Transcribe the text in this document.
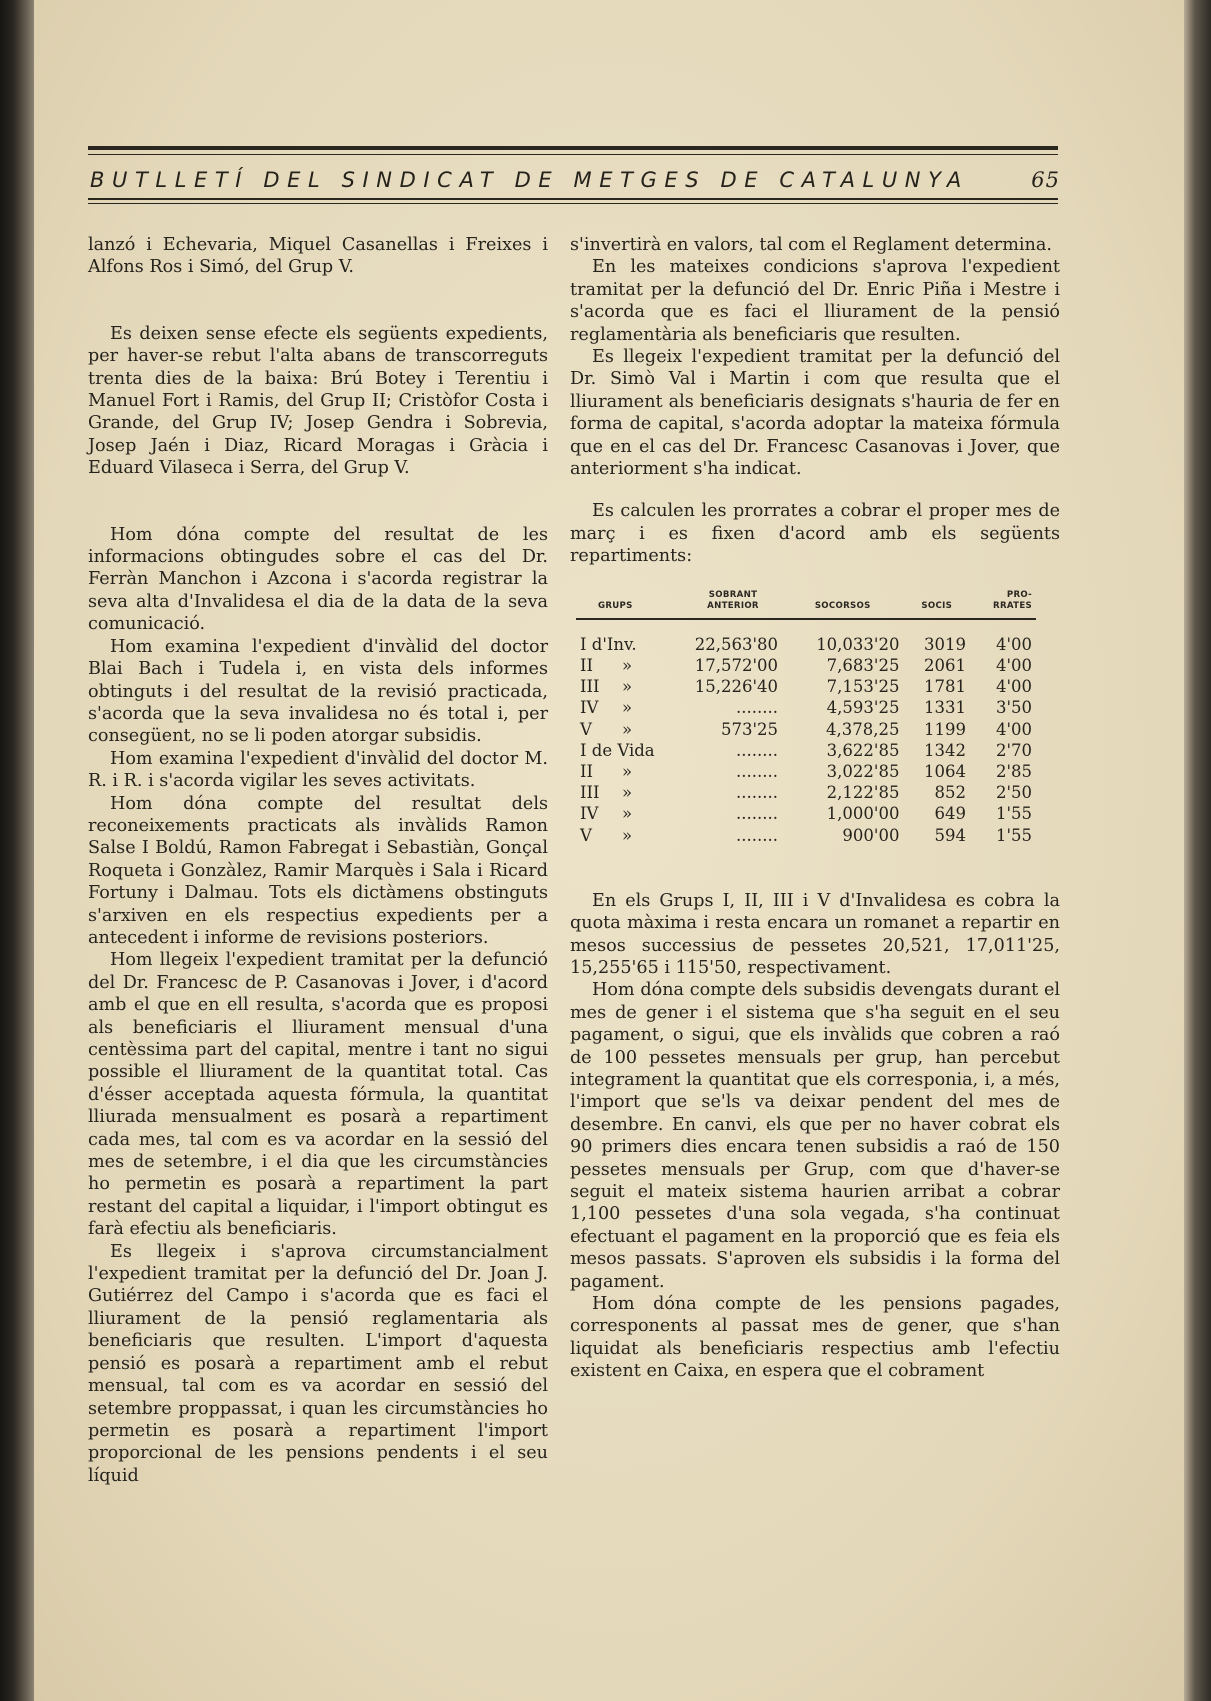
BUTLLETÍ DEL SINDICAT DE METGES DE CATALUNYA	65

lanzó i Echevaria, Miquel Casanellas i Freixes i Alfons Ros i Simó, del Grup V.

Es deixen sense efecte els següents expedients, per haver-se rebut l'alta abans de transcorreguts trenta dies de la baixa: Brú Botey i Terentiu i Manuel Fort i Ramis, del Grup II; Cristòfor Costa i Grande, del Grup IV; Josep Gendra i Sobrevia, Josep Jaén i Diaz, Ricard Moragas i Gràcia i Eduard Vilaseca i Serra, del Grup V.

Hom dóna compte del resultat de les informacions obtingudes sobre el cas del Dr. Ferràn Manchon i Azcona i s'acorda registrar la seva alta d'Invalidesa el dia de la data de la seva comunicació.

Hom examina l'expedient d'invàlid del doctor Blai Bach i Tudela i, en vista dels informes obtinguts i del resultat de la revisió practicada, s'acorda que la seva invalidesa no és total i, per consegüent, no se li poden atorgar subsidis.

Hom examina l'expedient d'invàlid del doctor M. R. i R. i s'acorda vigilar les seves activitats.

Hom dóna compte del resultat dels reconeixements practicats als invàlids Ramon Salse I Boldú, Ramon Fabregat i Sebastiàn, Gonçal Roqueta i Gonzàlez, Ramir Marquès i Sala i Ricard Fortuny i Dalmau. Tots els dictàmens obstinguts s'arxiven en els respectius expedients per a antecedent i informe de revisions posteriors.

Hom llegeix l'expedient tramitat per la defunció del Dr. Francesc de P. Casanovas i Jover, i d'acord amb el que en ell resulta, s'acorda que es proposi als beneficiaris el lliurament mensual d'una centèssima part del capital, mentre i tant no sigui possible el lliurament de la quantitat total. Cas d'ésser acceptada aquesta fórmula, la quantitat lliurada mensualment es posarà a repartiment cada mes, tal com es va acordar en la sessió del mes de setembre, i el dia que les circumstàncies ho permetin es posarà a repartiment la part restant del capital a liquidar, i l'import obtingut es farà efectiu als beneficiaris.

Es llegeix i s'aprova circumstancialment l'expedient tramitat per la defunció del Dr. Joan J. Gutiérrez del Campo i s'acorda que es faci el lliurament de la pensió reglamentaria als beneficiaris que resulten. L'import d'aquesta pensió es posarà a repartiment amb el rebut mensual, tal com es va acordar en sessió del setembre proppassat, i quan les circumstàncies ho permetin es posarà a repartiment l'import proporcional de les pensions pendents i el seu líquid

s'invertirà en valors, tal com el Reglament determina.

En les mateixes condicions s'aprova l'expedient tramitat per la defunció del Dr. Enric Piña i Mestre i s'acorda que es faci el lliurament de la pensió reglamentària als beneficiaris que resulten.

Es llegeix l'expedient tramitat per la defunció del Dr. Simò Val i Martin i com que resulta que el lliurament als beneficiaris designats s'hauria de fer en forma de capital, s'acorda adoptar la mateixa fórmula que en el cas del Dr. Francesc Casanovas i Jover, que anteriorment s'ha indicat.

Es calculen les prorrates a cobrar el proper mes de març i es fixen d'acord amb els següents repartiments:

GRUPS	SOBRANT ANTERIOR	SOCORSOS	SOCIS	PRO-RRATES
I d'Inv.	22,563'80	10,033'20	3019	4'00
II »	17,572'00	7,683'25	2061	4'00
III »	15,226'40	7,153'25	1781	4'00
IV »	........	4,593'25	1331	3'50
V »	573'25	4,378,25	1199	4'00
I de Vida	........	3,622'85	1342	2'70
II »	........	3,022'85	1064	2'85
III »	........	2,122'85	852	2'50
IV »	........	1,000'00	649	1'55
V »	........	900'00	594	1'55

En els Grups I, II, III i V d'Invalidesa es cobra la quota màxima i resta encara un romanet a repartir en mesos successius de pessetes 20,521, 17,011'25, 15,255'65 i 115'50, respectivament.

Hom dóna compte dels subsidis devengats durant el mes de gener i el sistema que s'ha seguit en el seu pagament, o sigui, que els invàlids que cobren a raó de 100 pessetes mensuals per grup, han percebut integrament la quantitat que els corresponia, i, a més, l'import que se'ls va deixar pendent del mes de desembre. En canvi, els que per no haver cobrat els 90 primers dies encara tenen subsidis a raó de 150 pessetes mensuals per Grup, com que d'haver-se seguit el mateix sistema haurien arribat a cobrar 1,100 pessetes d'una sola vegada, s'ha continuat efectuant el pagament en la proporció que es feia els mesos passats. S'aproven els subsidis i la forma del pagament.

Hom dóna compte de les pensions pagades, corresponents al passat mes de gener, que s'han liquidat als beneficiaris respectius amb l'efectiu existent en Caixa, en espera que el cobrament
